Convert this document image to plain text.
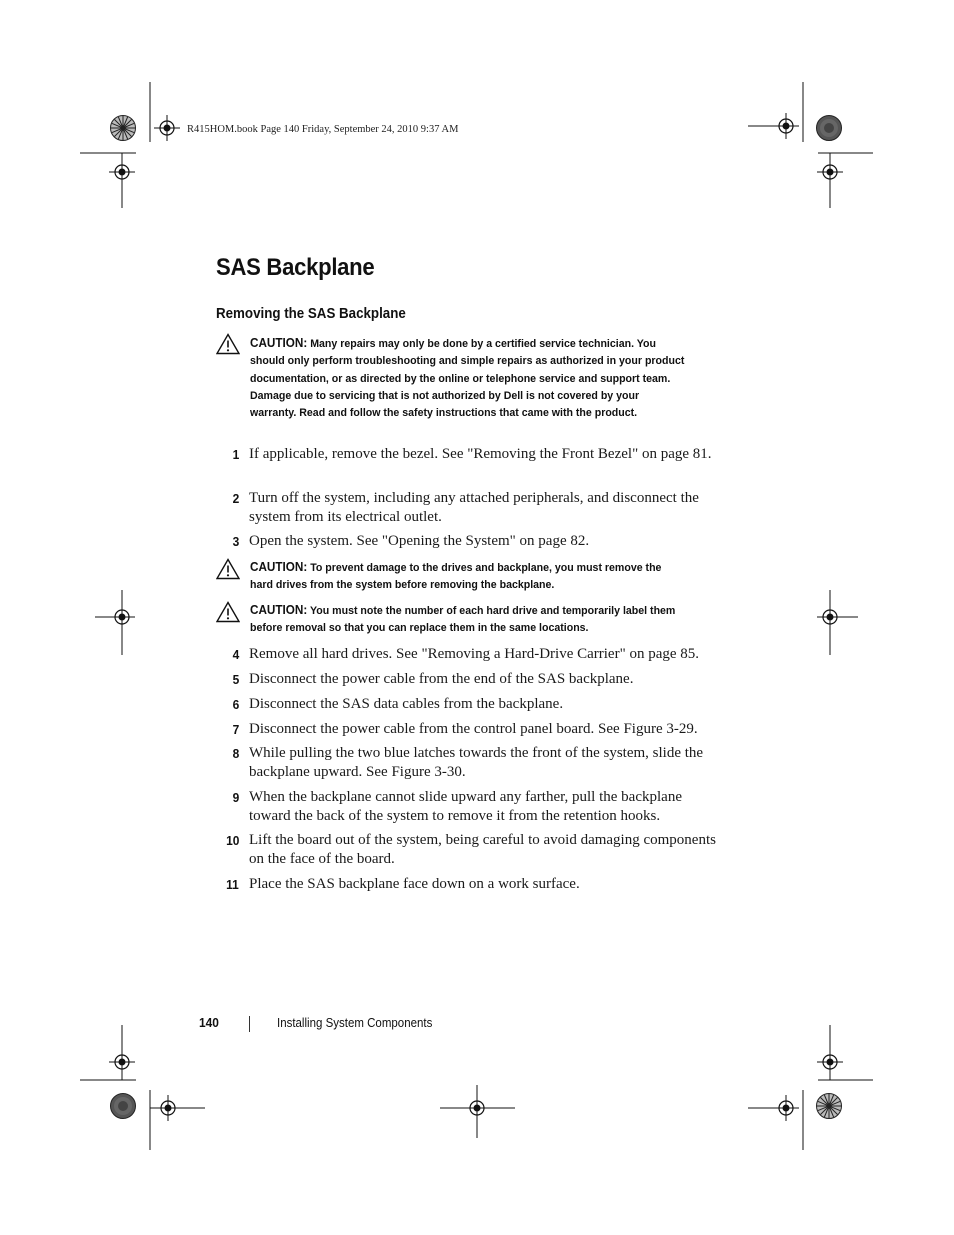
R415HOM.book Page 140 Friday, September 24, 2010 9:37 AM
SAS Backplane
Removing the SAS Backplane
CAUTION: Many repairs may only be done by a certified service technician. You should only perform troubleshooting and simple repairs as authorized in your product documentation, or as directed by the online or telephone service and support team. Damage due to servicing that is not authorized by Dell is not covered by your warranty. Read and follow the safety instructions that came with the product.
1 If applicable, remove the bezel. See "Removing the Front Bezel" on page 81.
2 Turn off the system, including any attached peripherals, and disconnect the system from its electrical outlet.
3 Open the system. See "Opening the System" on page 82.
CAUTION: To prevent damage to the drives and backplane, you must remove the hard drives from the system before removing the backplane.
CAUTION: You must note the number of each hard drive and temporarily label them before removal so that you can replace them in the same locations.
4 Remove all hard drives. See "Removing a Hard-Drive Carrier" on page 85.
5 Disconnect the power cable from the end of the SAS backplane.
6 Disconnect the SAS data cables from the backplane.
7 Disconnect the power cable from the control panel board. See Figure 3-29.
8 While pulling the two blue latches towards the front of the system, slide the backplane upward. See Figure 3-30.
9 When the backplane cannot slide upward any farther, pull the backplane toward the back of the system to remove it from the retention hooks.
10 Lift the board out of the system, being careful to avoid damaging components on the face of the board.
11 Place the SAS backplane face down on a work surface.
140	Installing System Components
